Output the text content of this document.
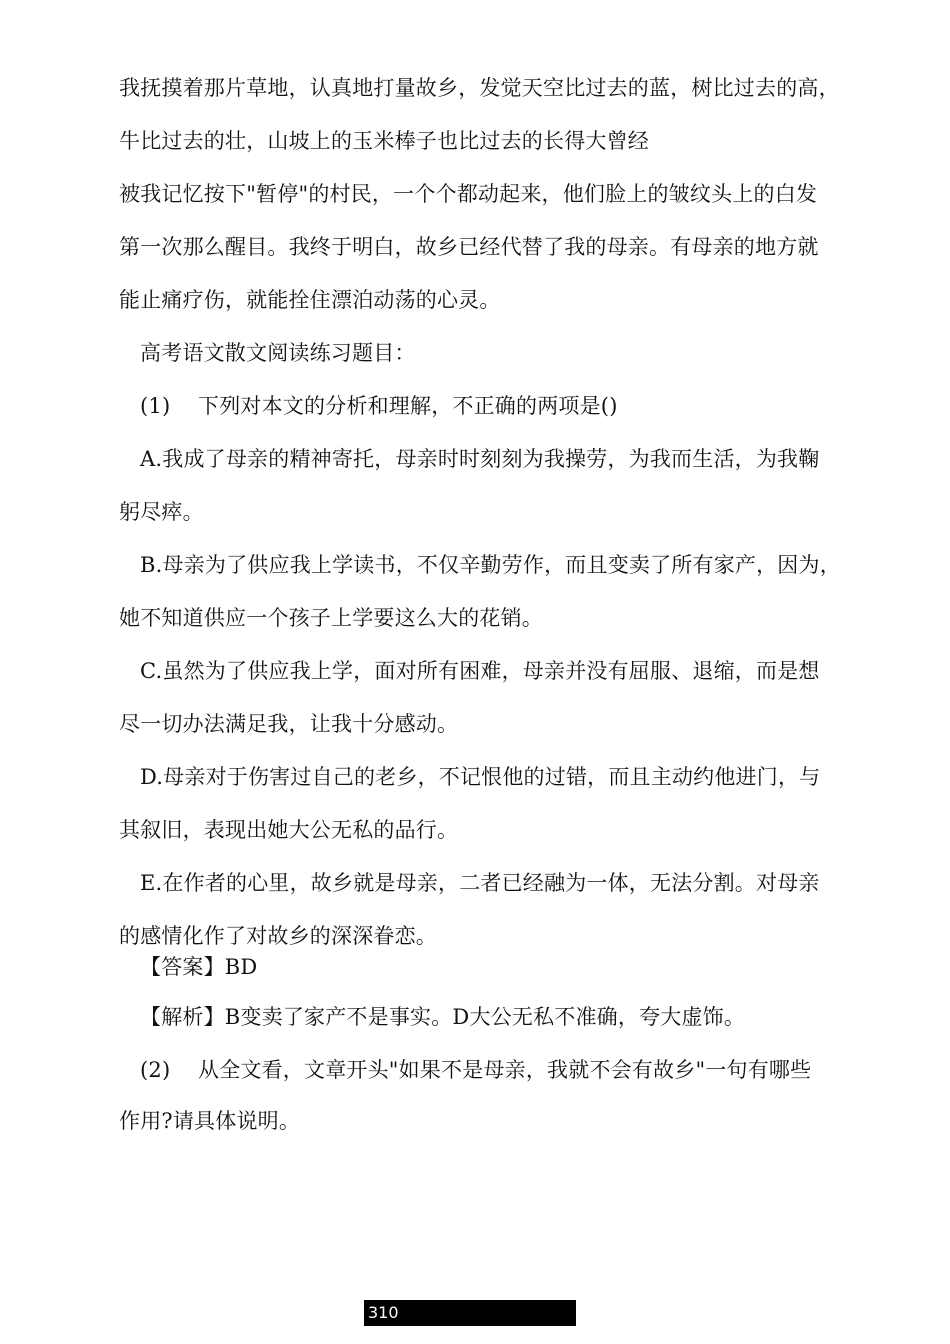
我抚摸着那片草地，认真地打量故乡，发觉天空比过去的蓝，树比过去的高，
牛比过去的壮，山坡上的玉米棒子也比过去的长得大曾经
被我记忆按下"暂停"的村民，一个个都动起来，他们脸上的皱纹头上的白发
第一次那么醒目。我终于明白，故乡已经代替了我的母亲。有母亲的地方就
能止痛疗伤，就能拴住漂泊动荡的心灵。
高考语文散文阅读练习题目：
(1) 下列对本文的分析和理解，不正确的两项是()
A.我成了母亲的精神寄托，母亲时时刻刻为我操劳，为我而生活，为我鞠
躬尽瘁。
B.母亲为了供应我上学读书，不仅辛勤劳作，而且变卖了所有家产，因为，
她不知道供应一个孩子上学要这么大的花销。
C.虽然为了供应我上学，面对所有困难，母亲并没有屈服、退缩，而是想
尽一切办法满足我，让我十分感动。
D.母亲对于伤害过自己的老乡，不记恨他的过错，而且主动约他进门，与
其叙旧，表现出她大公无私的品行。
E.在作者的心里，故乡就是母亲，二者已经融为一体，无法分割。对母亲
的感情化作了对故乡的深深眷恋。
【答案】BD
【解析】B变卖了家产不是事实。D大公无私不准确，夸大虚饰。
(2) 从全文看，文章开头"如果不是母亲，我就不会有故乡"一句有哪些
作用?请具体说明。
310
